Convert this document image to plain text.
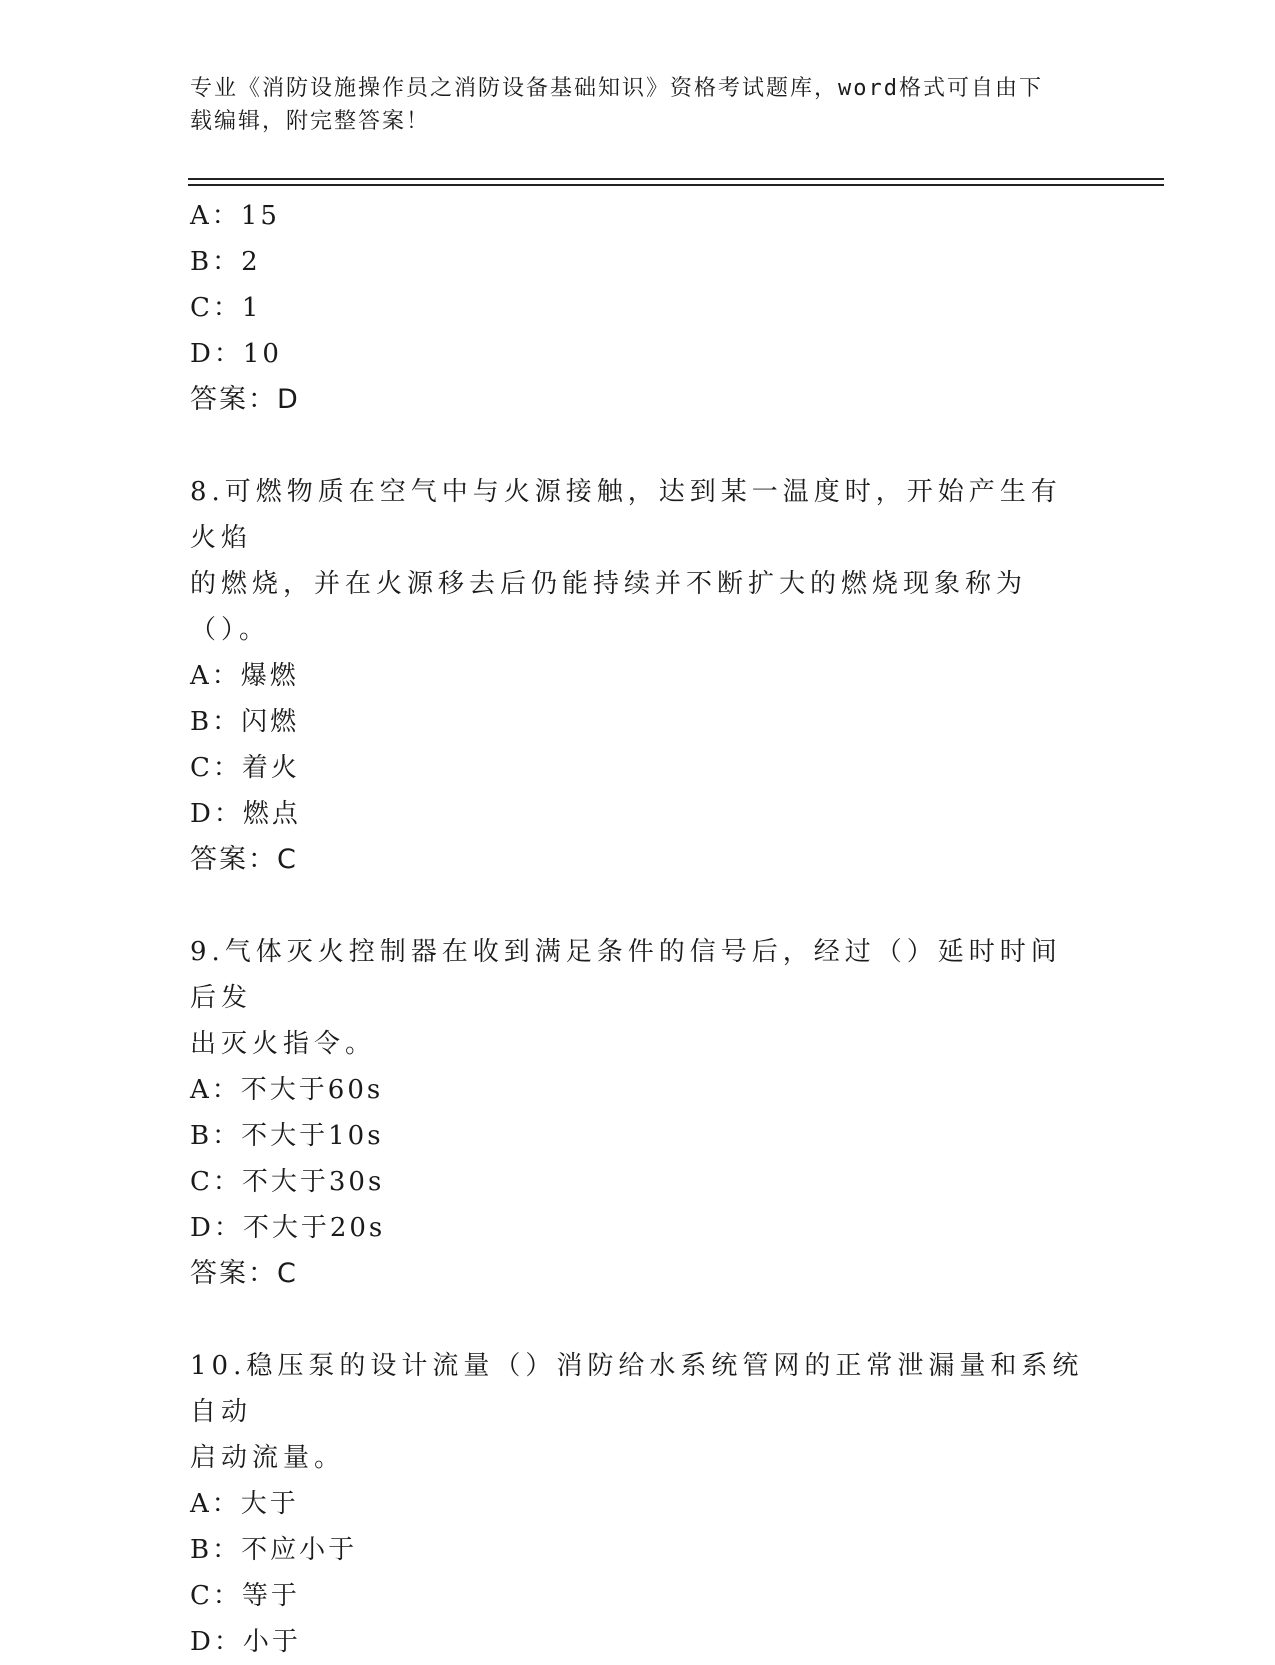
专业《消防设施操作员之消防设备基础知识》资格考试题库，word格式可自由下
载编辑，附完整答案！
A：15
B：2
C：1
D：10
答案：D
8.可燃物质在空气中与火源接触，达到某一温度时，开始产生有火焰
的燃烧，并在火源移去后仍能持续并不断扩大的燃烧现象称为（）。
A：爆燃
B：闪燃
C：着火
D：燃点
答案：C
9.气体灭火控制器在收到满足条件的信号后，经过（）延时时间后发
出灭火指令。
A：不大于60s
B：不大于10s
C：不大于30s
D：不大于20s
答案：C
10.稳压泵的设计流量（）消防给水系统管网的正常泄漏量和系统自动
启动流量。
A：大于
B：不应小于
C：等于
D：小于
